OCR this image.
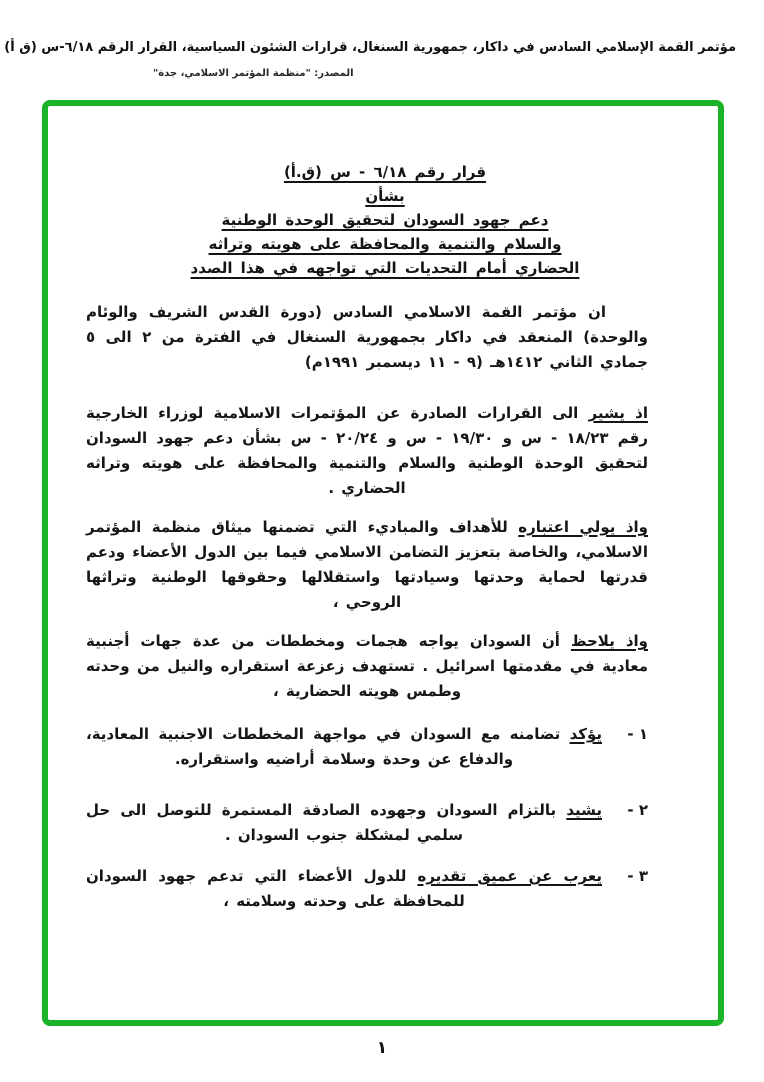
مؤتمر القمة الإسلامي السادس في داكار، جمهورية السنغال، قرارات الشئون السياسية، القرار الرقم ٦/١٨-س (ق أ)
المصدر: "منظمة المؤتمر الاسلامي، جدة"
قرار رقم ٦/١٨ - س (ق.أ)
بشأن
دعم جهود السودان لتحقيق الوحدة الوطنية
والسلام والتنمية والمحافظة على هويته وتراثه
الحضاري أمام التحديات التي تواجهه في هذا الصدد

ان مؤتمر القمة الاسلامي السادس (دورة القدس الشريف والوئام والوحدة) المنعقد في داكار بجمهورية السنغال في الفترة من ٢ الى ٥ جمادي الثاني ١٤١٢هـ (٩ - ١١ ديسمبر ١٩٩١م)

اذ يشير الى القرارات الصادرة عن المؤتمرات الاسلامية لوزراء الخارجية رقم ١٨/٢٣ - س و ١٩/٣٠ - س و ٢٠/٢٤ - س بشأن دعم جهود السودان لتحقيق الوحدة الوطنية والسلام والتنمية والمحافظة على هويته وتراثه الحضاري .

واذ يولي اعتباره للأهداف والمباديء التي تضمنها ميثاق منظمة المؤتمر الاسلامي، والخاصة بتعزيز التضامن الاسلامي فيما بين الدول الأعضاء ودعم قدرتها لحماية وحدتها وسيادتها واستقلالها وحقوقها الوطنية وتراثها الروحي ،

واذ يلاحظ أن السودان يواجه هجمات ومخططات من عدة جهات أجنبية معادية في مقدمتها اسرائيل . تستهدف زعزعة استقراره والنيل من وحدته وطمس هويته الحضارية ،

١ -
يؤكد تضامنه مع السودان في مواجهة المخططات الاجنبية المعادية، والدفاع عن وحدة وسلامة أراضيه واستقراره.
٢ -
يشيد بالتزام السودان وجهوده الصادقة المستمرة للتوصل الى حل سلمي لمشكلة جنوب السودان .
٣ -
يعرب عن عميق تقديره للدول الأعضاء التي تدعم جهود السودان للمحافظة على وحدته وسلامته ،
١
